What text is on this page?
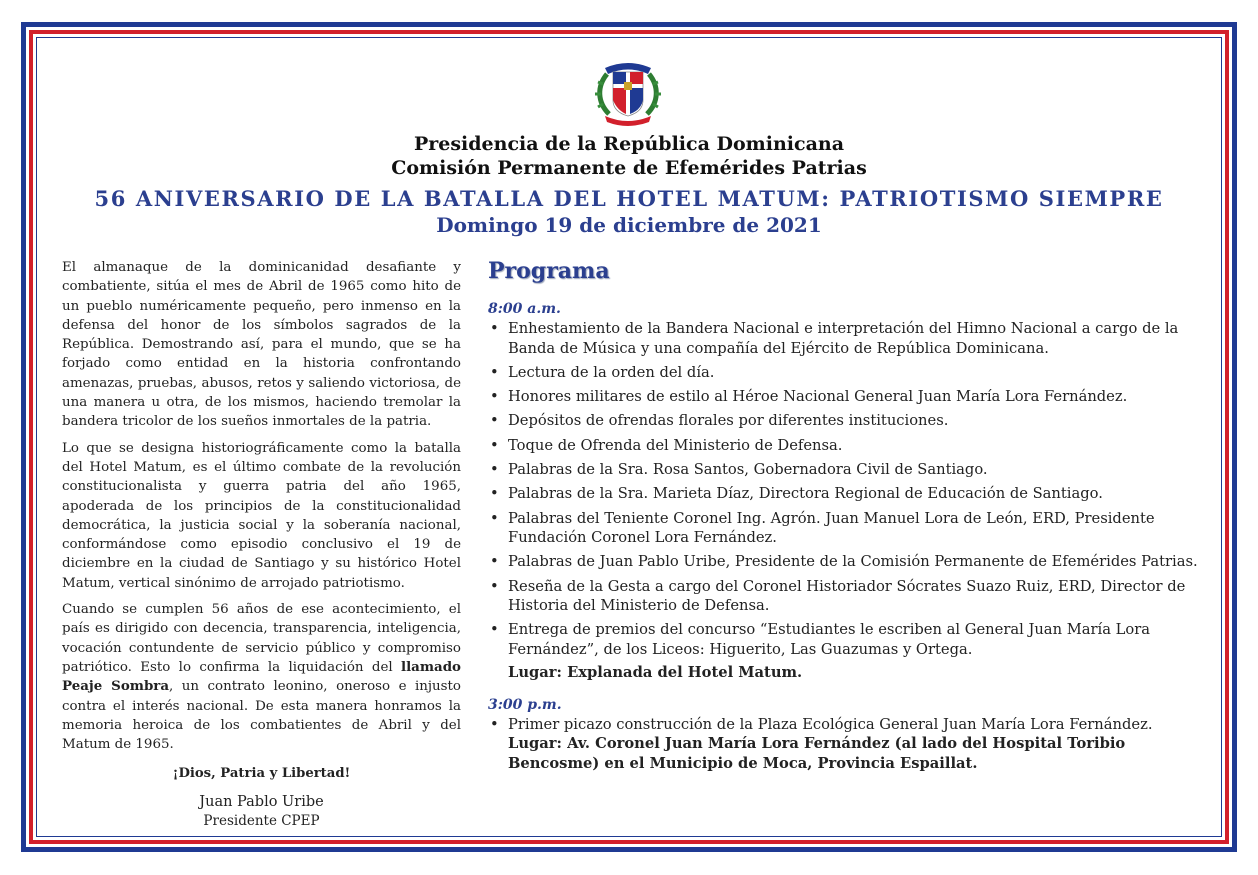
Presidencia de la República Dominicana
Comisión Permanente de Efemérides Patrias
56 ANIVERSARIO DE LA BATALLA DEL HOTEL MATUM: PATRIOTISMO SIEMPRE
Domingo 19 de diciembre de 2021

El almanaque de la dominicanidad desafiante y combatiente, sitúa el mes de Abril de 1965 como hito de un pueblo numéricamente pequeño, pero inmenso en la defensa del honor de los símbolos sagrados de la República. Demostrando así, para el mundo, que se ha forjado como entidad en la historia confrontando amenazas, pruebas, abusos, retos y saliendo victoriosa, de una manera u otra, de los mismos, haciendo tremolar la bandera tricolor de los sueños inmortales de la patria.

Lo que se designa historiográficamente como la batalla del Hotel Matum, es el último combate de la revolución constitucionalista y guerra patria del año 1965, apoderada de los principios de la constitucionalidad democrática, la justicia social y la soberanía nacional, conformándose como episodio conclusivo el 19 de diciembre en la ciudad de Santiago y su histórico Hotel Matum, vertical sinónimo de arrojado patriotismo.

Cuando se cumplen 56 años de ese acontecimiento, el país es dirigido con decencia, transparencia, inteligencia, vocación contundente de servicio público y compromiso patriótico. Esto lo confirma la liquidación del llamado Peaje Sombra, un contrato leonino, oneroso e injusto contra el interés nacional. De esta manera honramos la memoria heroica de los combatientes de Abril y del Matum de 1965.

¡Dios, Patria y Libertad!
Juan Pablo Uribe
Presidente CPEP
Programa
8:00 a.m.
• Enhestamiento de la Bandera Nacional e interpretación del Himno Nacional a cargo de la Banda de Música y una compañía del Ejército de República Dominicana.
• Lectura de la orden del día.
• Honores militares de estilo al Héroe Nacional General Juan María Lora Fernández.
• Depósitos de ofrendas florales por diferentes instituciones.
• Toque de Ofrenda del Ministerio de Defensa.
• Palabras de la Sra. Rosa Santos, Gobernadora Civil de Santiago.
• Palabras de la Sra. Marieta Díaz, Directora Regional de Educación de Santiago.
• Palabras del Teniente Coronel Ing. Agrón. Juan Manuel Lora de León, ERD, Presidente Fundación Coronel Lora Fernández.
• Palabras de Juan Pablo Uribe, Presidente de la Comisión Permanente de Efemérides Patrias.
• Reseña de la Gesta a cargo del Coronel Historiador Sócrates Suazo Ruiz, ERD, Director de Historia del Ministerio de Defensa.
• Entrega de premios del concurso “Estudiantes le escriben al General Juan María Lora Fernández”, de los Liceos: Higuerito, Las Guazumas y Ortega.
Lugar: Explanada del Hotel Matum.
3:00 p.m.
• Primer picazo construcción de la Plaza Ecológica General Juan María Lora Fernández.
Lugar: Av. Coronel Juan María Lora Fernández (al lado del Hospital Toribio Bencosme) en el Municipio de Moca, Provincia Espaillat.
